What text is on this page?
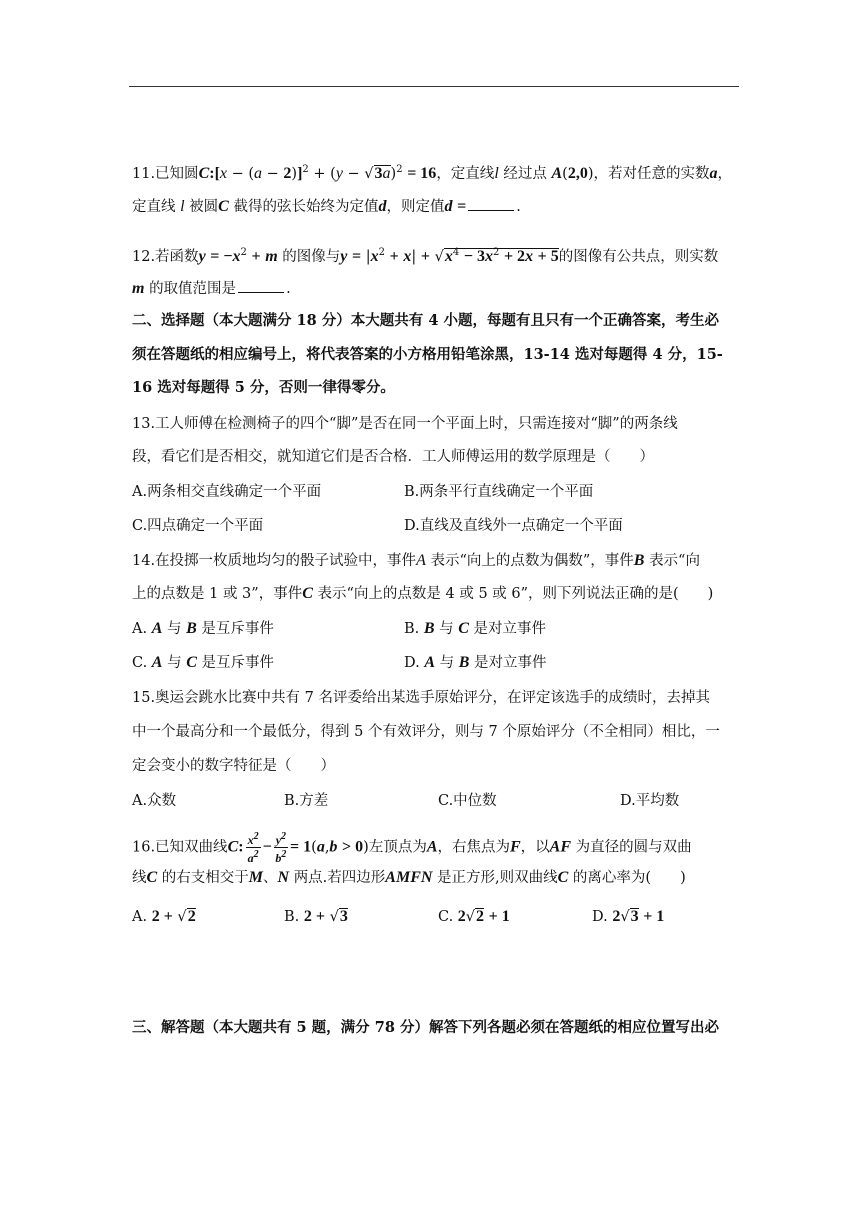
11.已知圆C:[x − $(a - 2)]^2 + (y - √3a)^2 = 16$，定直线l 经过点 A(2,0)，若对任意的实数a，
定直线 l 被圆C 截得的弦长始终为定值d，则定值d =	.
12.若函数$y = -x^2 + m$ 的图像与$y = |x^2 + x| + √x^4 - 3x^2 + 2x + 5$的图像有公共点，则实数
m 的取值范围是	.
二、选择题（本大题满分 18 分）本大题共有 4 小题，每题有且只有一个正确答案，考生必
须在答题纸的相应编号上，将代表答案的小方格用铅笔涂黑，13-14 选对每题得 4 分，15-
16 选对每题得 5 分，否则一律得零分。
13.工人师傅在检测椅子的四个“脚”是否在同一个平面上时，只需连接对“脚”的两条线
段，看它们是否相交，就知道它们是否合格．工人师傅运用的数学原理是（　　）
A.两条相交直线确定一个平面	B.两条平行直线确定一个平面
C.四点确定一个平面	D.直线及直线外一点确定一个平面
14.在投掷一枚质地均匀的骰子试验中，事件A 表示“向上的点数为偶数”，事件B 表示“向
上的点数是 1 或 3”，事件C 表示“向上的点数是 4 或 5 或 6”，则下列说法正确的是(　　)
A. A 与 B 是互斥事件	B. B 与 C 是对立事件
C. A 与 C 是互斥事件	D. A 与 B 是对立事件
15.奥运会跳水比赛中共有 7 名评委给出某选手原始评分，在评定该选手的成绩时，去掉其
中一个最高分和一个最低分，得到 5 个有效评分，则与 7 个原始评分（不全相同）相比，一
定会变小的数字特征是（　　）
A.众数	B.方差	C.中位数	D.平均数
16.已知双曲线C: $\frac{x^2}{a^2} - \frac{y^2}{b^2} = 1(a,b > 0)$左顶点为A，右焦点为F，以AF 为直径的圆与双曲
线C 的右支相交于M、N 两点.若四边形AMFN 是正方形,则双曲线C 的离心率为(　　)
A. 2 + √2	B. 2 + √3	C. 2√2 + 1	D. 2√3 + 1
三、解答题（本大题共有 5 题，满分 78 分）解答下列各题必须在答题纸的相应位置写出必
